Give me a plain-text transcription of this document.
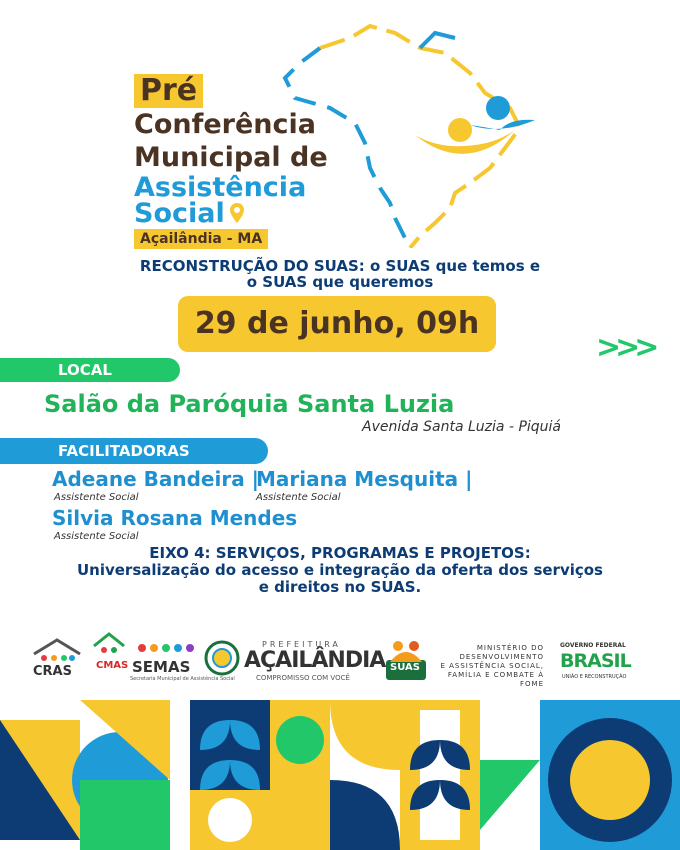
Pré
Conferência
Municipal de
Assistência
Social
Açailândia - MA
RECONSTRUÇÃO DO SUAS: o SUAS que temos e
o SUAS que queremos
29 de junho, 09h
>>>
LOCAL
Salão da Paróquia Santa Luzia
Avenida Santa Luzia - Piquiá
FACILITADORAS
Adeane Bandeira |
Assistente Social
Mariana Mesquita |
Assistente Social
Silvia Rosana Mendes
Assistente Social
EIXO 4: SERVIÇOS, PROGRAMAS E PROJETOS:
Universalização do acesso e integração da oferta dos serviços
e direitos no SUAS.
CRAS CMAS SEMAS
Secretaria Municipal de Assistência Social
PREFEITURA
AÇAILÂNDIA
COMPROMISSO COM VOCÊ
SUAS
MINISTÉRIO DO
DESENVOLVIMENTO
E ASSISTÊNCIA SOCIAL,
FAMÍLIA E COMBATE À FOME
GOVERNO FEDERAL
BRASIL
UNIÃO E RECONSTRUÇÃO
